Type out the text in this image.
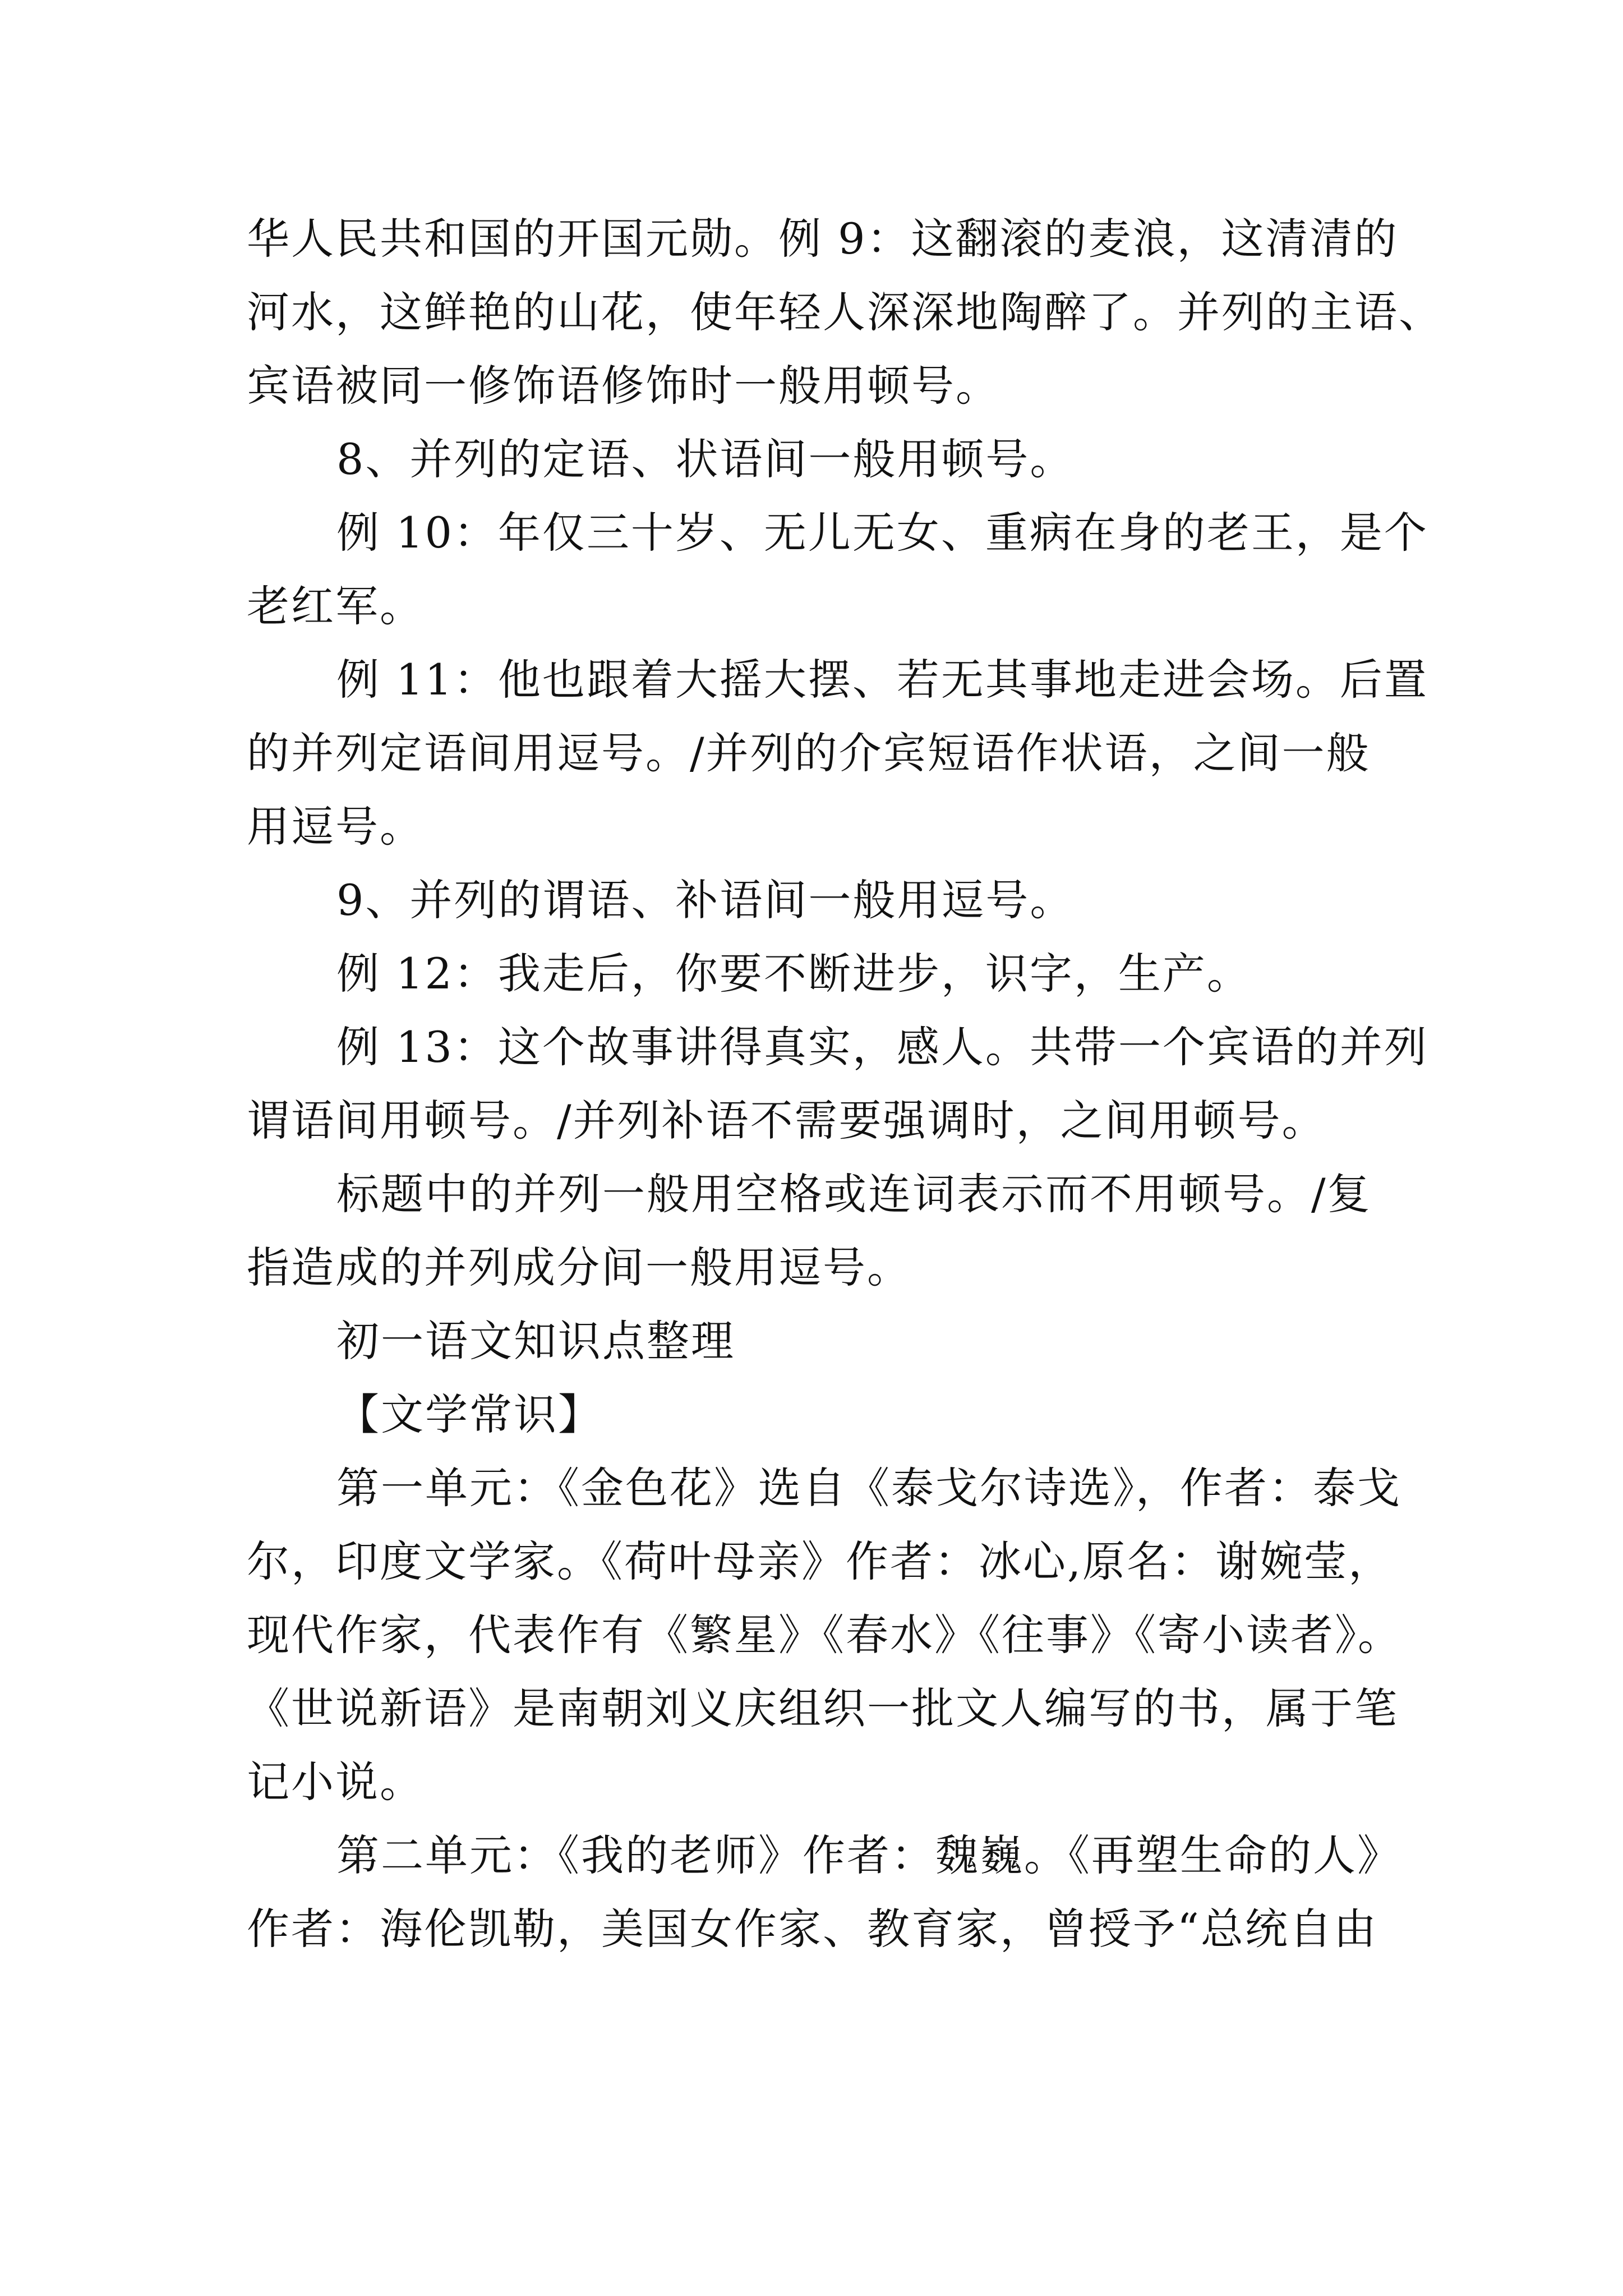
华人民共和国的开国元勋。例 9：这翻滚的麦浪，这清清的
河水，这鲜艳的山花，使年轻人深深地陶醉了。并列的主语、
宾语被同一修饰语修饰时一般用顿号。
8、并列的定语、状语间一般用顿号。
例 10：年仅三十岁、无儿无女、重病在身的老王，是个
老红军。
例 11：他也跟着大摇大摆、若无其事地走进会场。后置
的并列定语间用逗号。/并列的介宾短语作状语，之间一般
用逗号。
9、并列的谓语、补语间一般用逗号。
例 12：我走后，你要不断进步，识字，生产。
例 13：这个故事讲得真实，感人。共带一个宾语的并列
谓语间用顿号。/并列补语不需要强调时，之间用顿号。
标题中的并列一般用空格或连词表示而不用顿号。/复
指造成的并列成分间一般用逗号。
初一语文知识点整理
【文学常识】
第一单元：《金色花》选自《泰戈尔诗选》，作者：泰戈
尔，印度文学家。《荷叶母亲》作者：冰心,原名：谢婉莹，
现代作家，代表作有《繁星》《春水》《往事》《寄小读者》。
《世说新语》是南朝刘义庆组织一批文人编写的书，属于笔
记小说。
第二单元：《我的老师》作者：魏巍。《再塑生命的人》
作者：海伦凯勒，美国女作家、教育家，曾授予“总统自由
